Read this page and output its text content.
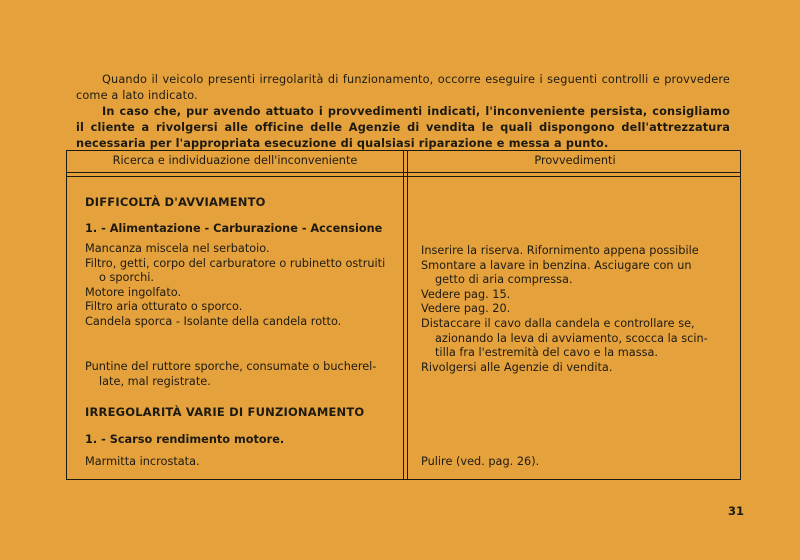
Quando il veicolo presenti irregolarità di funzionamento, occorre eseguire i seguenti controlli e provvedere come a lato indicato.

In caso che, pur avendo attuato i provvedimenti indicati, l'inconveniente persista, consigliamo il cliente a rivolgersi alle officine delle Agenzie di vendita le quali dispongono dell'attrezzatura necessaria per l'appropriata esecuzione di qualsiasi riparazione e messa a punto.

Ricerca e individuazione dell'inconveniente	Provvedimenti
DIFFICOLTÀ D'AVVIAMENTO
1. - Alimentazione - Carburazione - Accensione
Mancanza miscela nel serbatoio.
Filtro, getti, corpo del carburatore o rubinetto ostruiti
o sporchi.
Motore ingolfato.
Filtro aria otturato o sporco.
Candela sporca - Isolante della candela rotto.
Puntine del ruttore sporche, consumate o bucherel-
late, mal registrate.
IRREGOLARITÀ VARIE DI FUNZIONAMENTO
1. - Scarso rendimento motore.
Marmitta incrostata.
Inserire la riserva. Rifornimento appena possibile
Smontare a lavare in benzina. Asciugare con un
getto di aria compressa.
Vedere pag. 15.
Vedere pag. 20.
Distaccare il cavo dalla candela e controllare se,
azionando la leva di avviamento, scocca la scin-
tilla fra l'estremità del cavo e la massa.
Rivolgersi alle Agenzie di vendita.
Pulire (ved. pag. 26).
31
